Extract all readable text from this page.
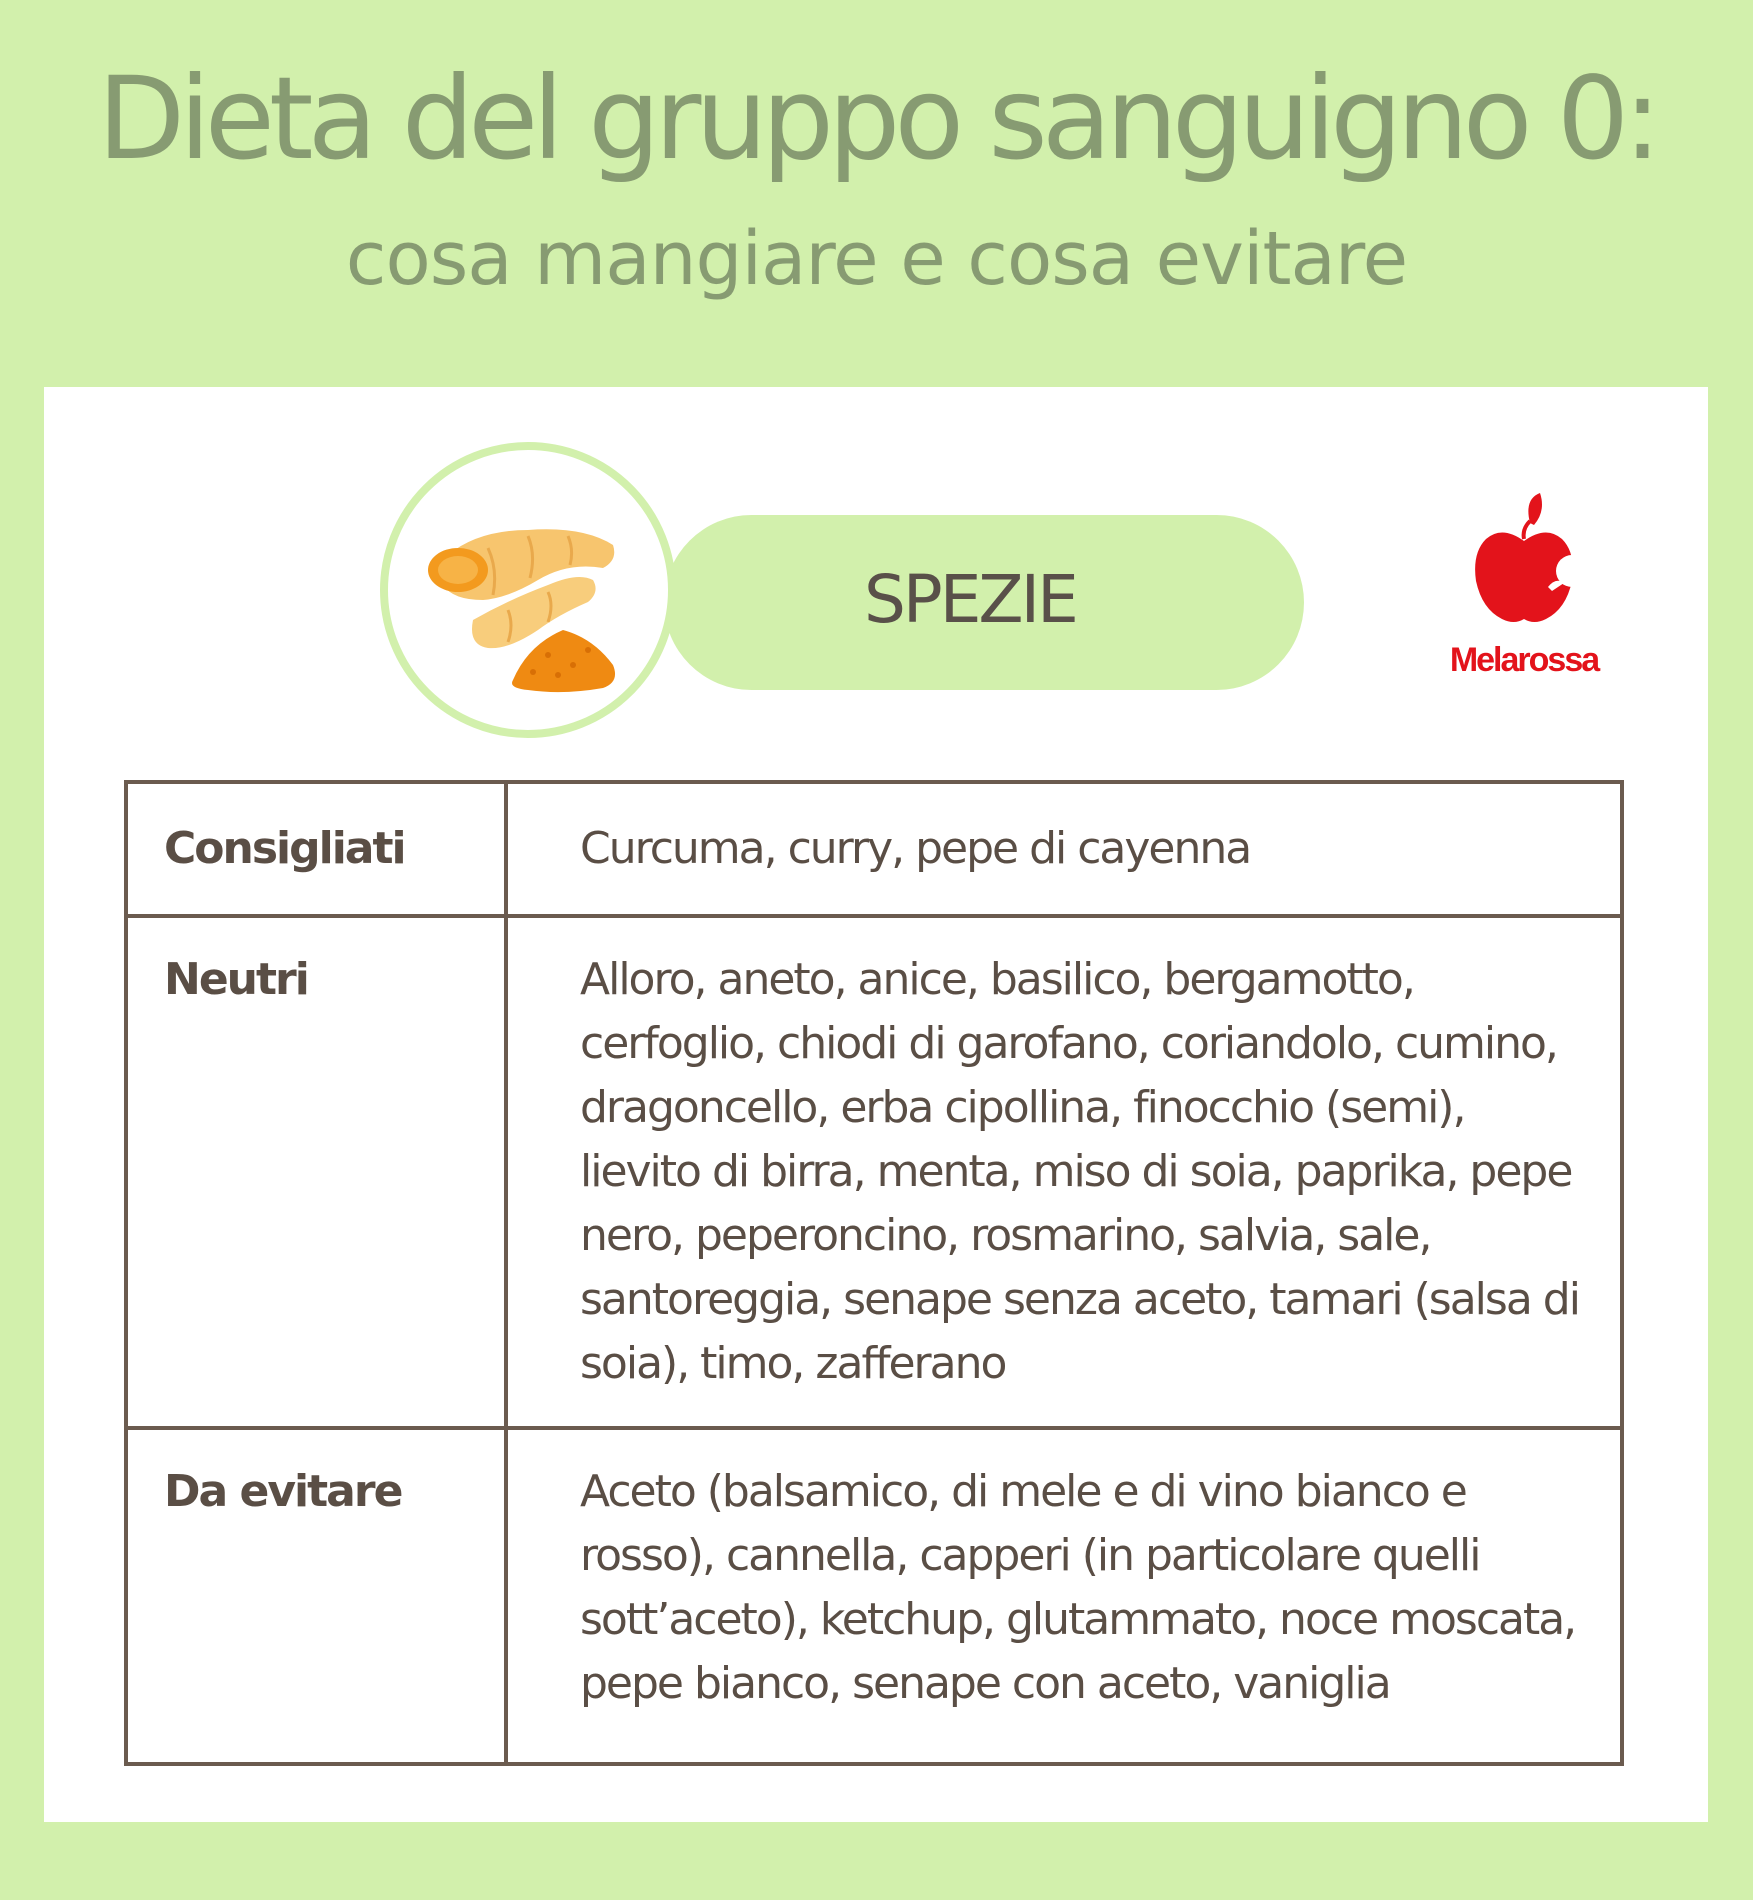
Dieta del gruppo sanguigno 0:
cosa mangiare e cosa evitare
SPEZIE
Melarossa
Consigliati	Curcuma, curry, pepe di cayenna

Neutri	Alloro, aneto, anice, basilico, bergamotto, cerfoglio, chiodi di garofano, coriandolo, cumino, dragoncello, erba cipollina, finocchio (semi), lievito di birra, menta, miso di soia, paprika, pepe nero, peperoncino, rosmarino, salvia, sale, santoreggia, senape senza aceto, tamari (salsa di soia), timo, zafferano

Da evitare	Aceto (balsamico, di mele e di vino bianco e rosso), cannella, capperi (in particolare quelli sott’aceto), ketchup, glutammato, noce moscata, pepe bianco, senape con aceto, vaniglia
